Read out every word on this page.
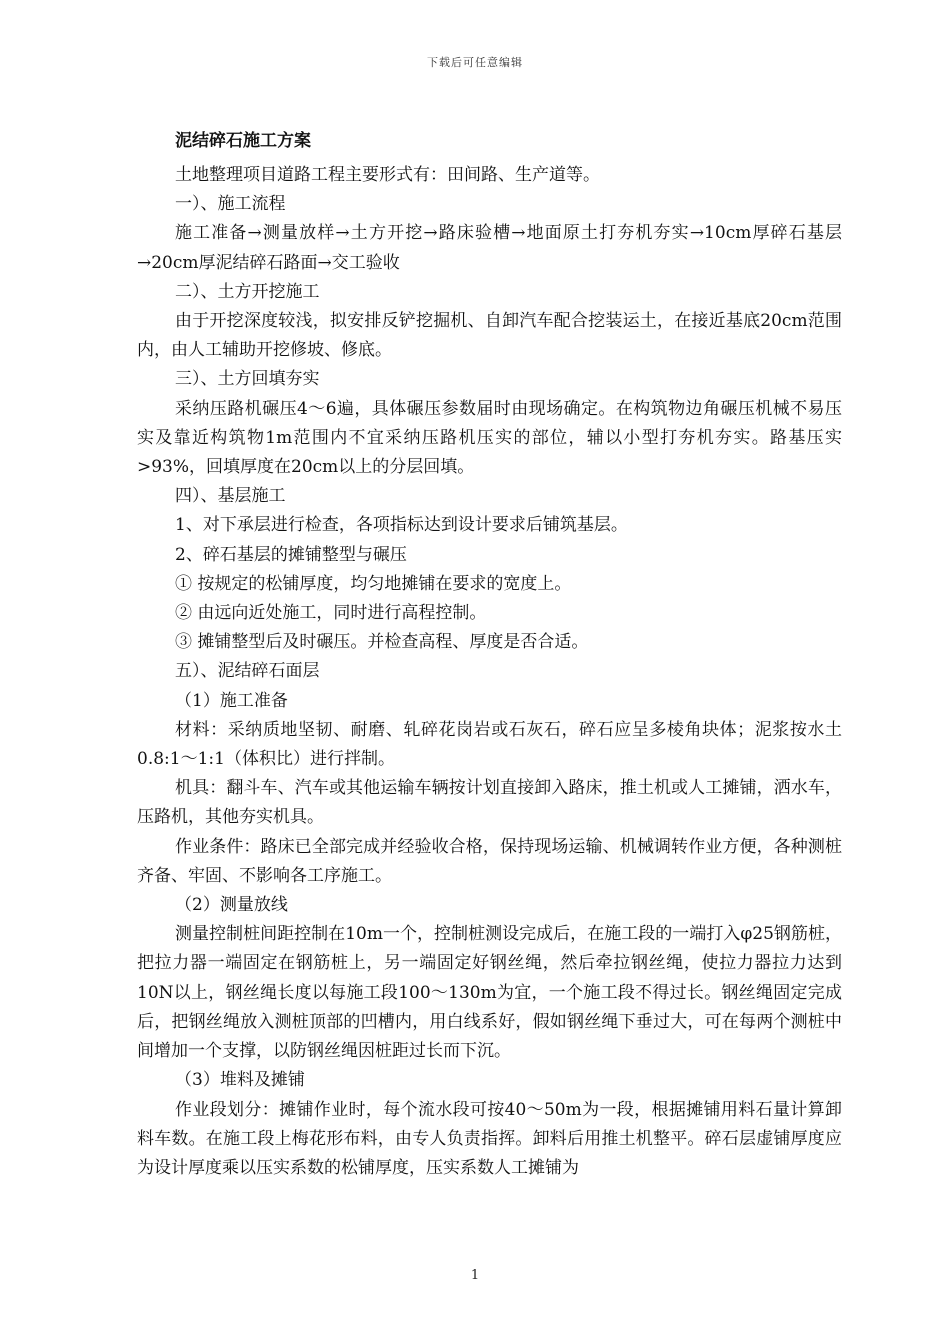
下载后可任意编辑

泥结碎石施工方案

土地整理项目道路工程主要形式有：田间路、生产道等。

一）、施工流程

施工准备→测量放样→土方开挖→路床验槽→地面原土打夯机夯实→10cm厚碎石基层→20cm厚泥结碎石路面→交工验收

二）、土方开挖施工

由于开挖深度较浅，拟安排反铲挖掘机、自卸汽车配合挖装运土，在接近基底20cm范围内，由人工辅助开挖修坡、修底。

三）、土方回填夯实

采纳压路机碾压4～6遍，具体碾压参数届时由现场确定。在构筑物边角碾压机械不易压实及靠近构筑物1m范围内不宜采纳压路机压实的部位，辅以小型打夯机夯实。路基压实>93%，回填厚度在20cm以上的分层回填。

四）、基层施工

1、对下承层进行检查，各项指标达到设计要求后铺筑基层。

2、碎石基层的摊铺整型与碾压

① 按规定的松铺厚度，均匀地摊铺在要求的宽度上。

② 由远向近处施工，同时进行高程控制。

③ 摊铺整型后及时碾压。并检查高程、厚度是否合适。

五）、泥结碎石面层

（1）施工准备

材料：采纳质地坚韧、耐磨、轧碎花岗岩或石灰石，碎石应呈多棱角块体；泥浆按水土0.8:1～1:1（体积比）进行拌制。

机具：翻斗车、汽车或其他运输车辆按计划直接卸入路床，推土机或人工摊铺，洒水车，压路机，其他夯实机具。

作业条件：路床已全部完成并经验收合格，保持现场运输、机械调转作业方便，各种测桩齐备、牢固、不影响各工序施工。

（2）测量放线

测量控制桩间距控制在10m一个，控制桩测设完成后，在施工段的一端打入φ25钢筋桩，把拉力器一端固定在钢筋桩上，另一端固定好钢丝绳，然后牵拉钢丝绳，使拉力器拉力达到10N以上，钢丝绳长度以每施工段100～130m为宜，一个施工段不得过长。钢丝绳固定完成后，把钢丝绳放入测桩顶部的凹槽内，用白线系好，假如钢丝绳下垂过大，可在每两个测桩中间增加一个支撑，以防钢丝绳因桩距过长而下沉。

（3）堆料及摊铺

作业段划分：摊铺作业时，每个流水段可按40～50m为一段，根据摊铺用料石量计算卸料车数。在施工段上梅花形布料，由专人负责指挥。卸料后用推土机整平。碎石层虚铺厚度应为设计厚度乘以压实系数的松铺厚度，压实系数人工摊铺为

1
